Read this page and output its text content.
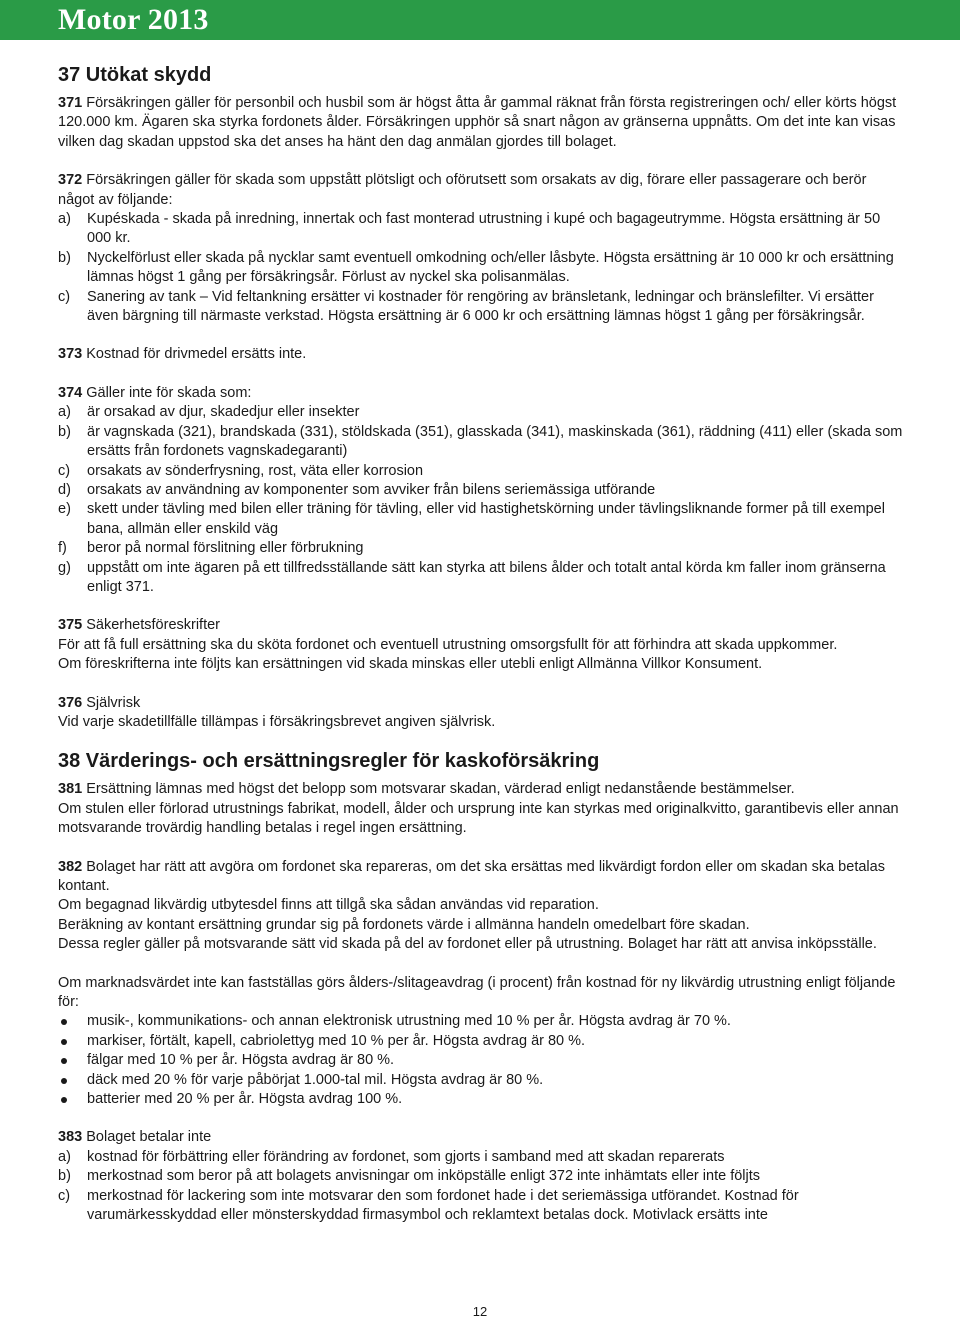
Motor 2013
37 Utökat skydd

371 Försäkringen gäller för personbil och husbil som är högst åtta år gammal räknat från första registreringen och/ eller körts högst 120.000 km. Ägaren ska styrka fordonets ålder. Försäkringen upphör så snart någon av gränserna uppnåtts. Om det inte kan visas vilken dag skadan uppstod ska det anses ha hänt den dag anmälan gjordes till bolaget.

372 Försäkringen gäller för skada som uppstått plötsligt och oförutsett som orsakats av dig, förare eller passagerare och berör något av följande:

a)	Kupéskada - skada på inredning, innertak och fast monterad utrustning i kupé och bagageutrymme. Högsta ersättning är 50 000 kr.
b)	Nyckelförlust eller skada på nycklar samt eventuell omkodning och/eller låsbyte. Högsta ersättning är 10 000 kr och ersättning lämnas högst 1 gång per försäkringsår. Förlust av nyckel ska polisanmälas.
c)	Sanering av tank – Vid feltankning ersätter vi kostnader för rengöring av bränsletank, ledningar och bränslefilter. Vi ersätter även bärgning till närmaste verkstad. Högsta ersättning är 6 000 kr och ersättning lämnas högst 1 gång per försäkringsår.

373 Kostnad för drivmedel ersätts inte.

374 Gäller inte för skada som:

a)	är orsakad av djur, skadedjur eller insekter
b)	är vagnskada (321), brandskada (331), stöldskada (351), glasskada (341), maskinskada (361), räddning (411) eller (skada som ersätts från fordonets vagnskadegaranti)
c)	orsakats av sönderfrysning, rost, väta eller korrosion
d)	orsakats av användning av komponenter som avviker från bilens seriemässiga utförande
e)	skett under tävling med bilen eller träning för tävling, eller vid hastighetskörning under tävlingsliknande former på till exempel bana, allmän eller enskild väg
f)	beror på normal förslitning eller förbrukning
g)	uppstått om inte ägaren på ett tillfredsställande sätt kan styrka att bilens ålder och totalt antal körda km faller inom gränserna enligt 371.

375 Säkerhetsföreskrifter

För att få full ersättning ska du sköta fordonet och eventuell utrustning omsorgsfullt för att förhindra att skada uppkommer.

Om föreskrifterna inte följts kan ersättningen vid skada minskas eller utebli enligt Allmänna Villkor Konsument.

376 Självrisk

Vid varje skadetillfälle tillämpas i försäkringsbrevet angiven självrisk.

38 Värderings- och ersättningsregler för kaskoförsäkring

381 Ersättning lämnas med högst det belopp som motsvarar skadan, värderad enligt nedanstående bestämmelser.

Om stulen eller förlorad utrustnings fabrikat, modell, ålder och ursprung inte kan styrkas med originalkvitto, garantibevis eller annan motsvarande trovärdig handling betalas i regel ingen ersättning.

382 Bolaget har rätt att avgöra om fordonet ska repareras, om det ska ersättas med likvärdigt fordon eller om skadan ska betalas kontant.

Om begagnad likvärdig utbytesdel finns att tillgå ska sådan användas vid reparation.

Beräkning av kontant ersättning grundar sig på fordonets värde i allmänna handeln omedelbart före skadan.

Dessa regler gäller på motsvarande sätt vid skada på del av fordonet eller på utrustning. Bolaget har rätt att anvisa inköpsställe.

Om marknadsvärdet inte kan fastställas görs ålders-/slitageavdrag (i procent) från kostnad för ny likvärdig utrustning enligt följande för:

musik-, kommunikations- och annan elektronisk utrustning med 10 % per år. Högsta avdrag är 70 %.
markiser, förtält, kapell, cabriolettyg med 10 % per år. Högsta avdrag är 80 %.
fälgar med 10 % per år. Högsta avdrag är 80 %.
däck med 20 % för varje påbörjat 1.000-tal mil. Högsta avdrag är 80 %.
batterier med 20 % per år. Högsta avdrag 100 %.

383 Bolaget betalar inte

a)	kostnad för förbättring eller förändring av fordonet, som gjorts i samband med att skadan reparerats
b)	merkostnad som beror på att bolagets anvisningar om inköpställe enligt 372 inte inhämtats eller inte följts
c)	merkostnad för lackering som inte motsvarar den som fordonet hade i det seriemässiga utförandet. Kostnad för varumärkesskyddad eller mönsterskyddad firmasymbol och reklamtext betalas dock. Motivlack ersätts inte
12
